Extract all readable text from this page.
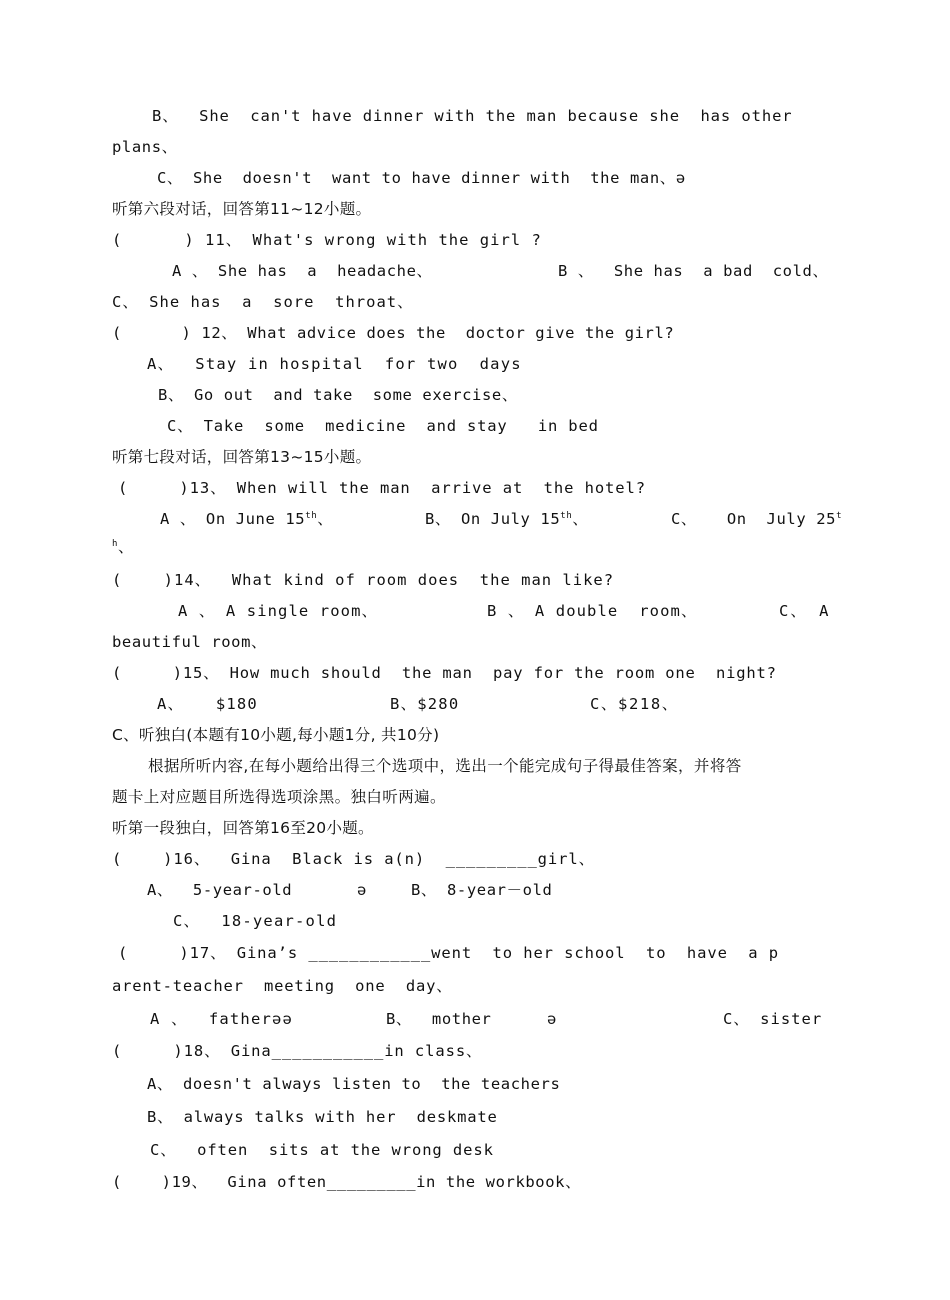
B、  She  can't have dinner with the man because she  has other

plans、

C、 She  doesn't  want to have dinner with  the man、ə

听第六段对话，回答第11~12小题。

(      ) 11、 What's wrong with the girl ?

A 、 She has  a  headache、

	B 、  She has  a bad  cold、

C、 She has  a  sore  throat、

(      ) 12、 What advice does the  doctor give the girl?

A、  Stay in hospital  for two  days

B、 Go out  and take  some exercise、

C、 Take  some  medicine  and stay   in bed

听第七段对话，回答第13~15小题。

(     )13、 When will the man  arrive at  the hotel?

A 、 On June 15th、

	B、 On July 15th、

	C、   On  July 25$^t$

$^h$、

(    )14、  What kind of room does  the man like?

A 、 A single room、

	B 、 A double  room、

	C、 A

beautiful room、

(     )15、 How much should  the man  pay for the room one  night?

A、   $180

	B、$280

	C、$218、

C、听独白(本题有10小题,每小题1分, 共10分)

根据所听内容,在每小题给出得三个选项中，选出一个能完成句子得最佳答案，并将答

题卡上对应题目所选得选项涂黑。独白听两遍。

听第一段独白，回答第16至20小题。

(    )16、  Gina  Black is a(n)  _________girl、

A、  5-year-old

	ə

	B、 8-year－old

C、  18-year-old

(     )17、 Gina’s ____________went  to her school  to  have  a p

arent-teacher  meeting  one  day、

A 、  fatherəə

	B、  mother

	ə

	C、 sister

(     )18、 Gina___________in class、

A、 doesn't always listen to  the teachers

B、 always talks with her  deskmate

C、  often  sits at the wrong desk

(    )19、  Gina often_________in the workbook、
